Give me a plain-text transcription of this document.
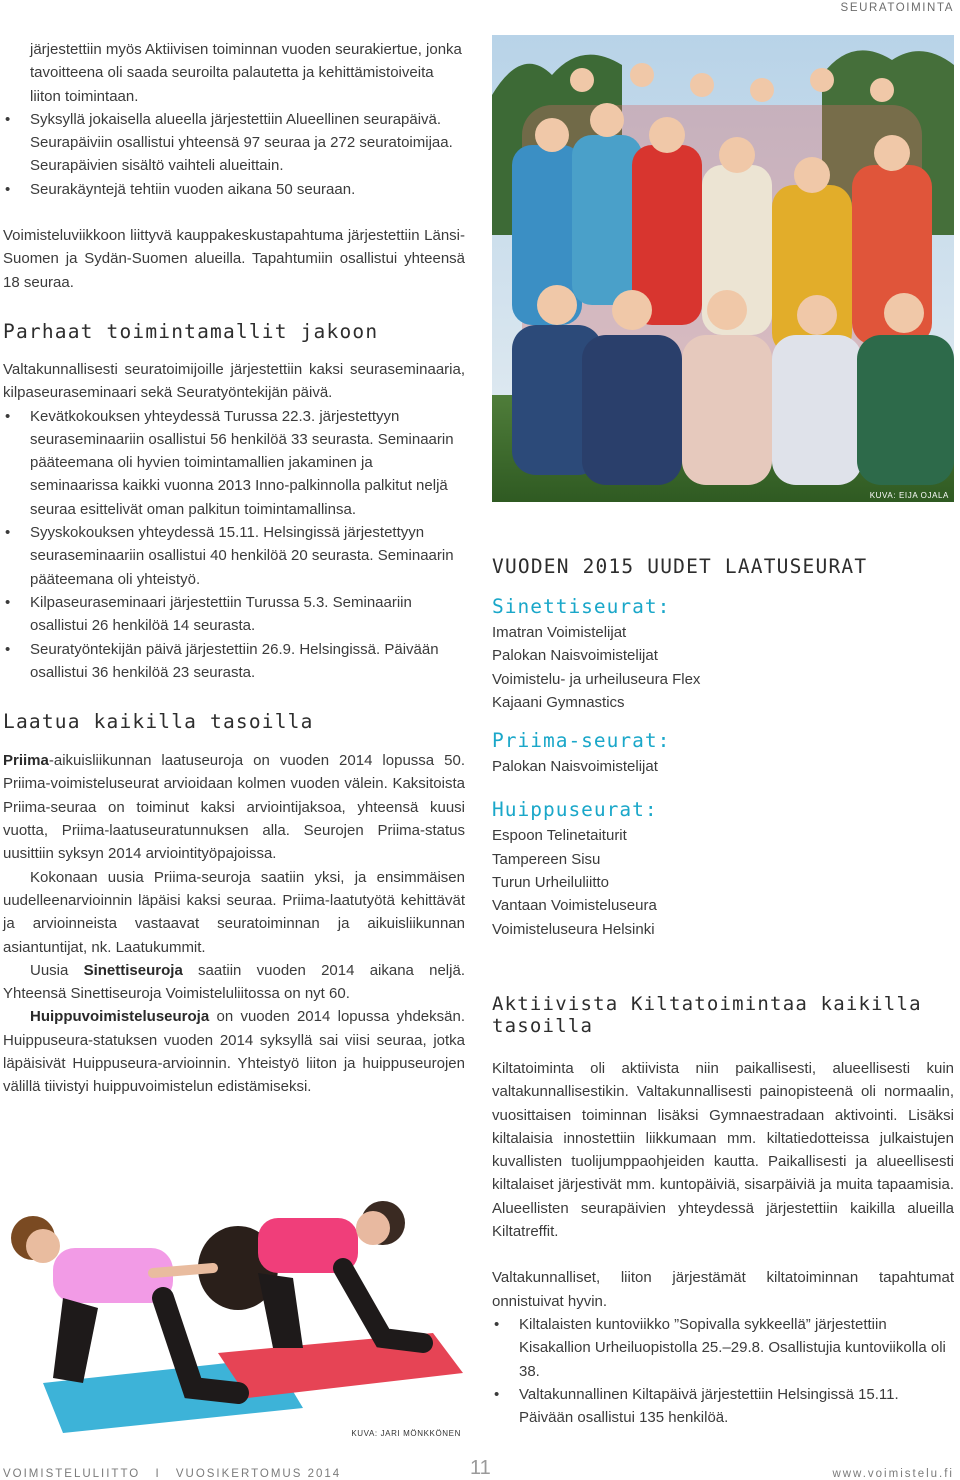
SEURATOIMINTA

järjestettiin myös Aktiivisen toiminnan vuoden seurakiertue, jonka tavoitteena oli saada seuroilta palautetta ja kehittämistoiveita liiton toimintaan.

• Syksyllä jokaisella alueella järjestettiin Alueellinen seurapäivä. Seurapäiviin osallistui yhteensä 97 seuraa ja 272 seuratoimijaa. Seurapäivien sisältö vaihteli alueittain.
• Seurakäyntejä tehtiin vuoden aikana 50 seuraan.

Voimisteluviikkoon liittyvä kauppakeskustapahtuma järjestettiin Länsi-Suomen ja Sydän-Suomen alueilla. Tapahtumiin osallistui yhteensä 18 seuraa.

Parhaat toimintamallit jakoon

Valtakunnallisesti seuratoimijoille järjestettiin kaksi seuraseminaaria, kilpaseuraseminaari sekä Seuratyöntekijän päivä.

• Kevätkokouksen yhteydessä Turussa 22.3. järjestettyyn seuraseminaariin osallistui 56 henkilöä 33 seurasta. Seminaarin pääteemana oli hyvien toimintamallien jakaminen ja seminaarissa kaikki vuonna 2013 Inno-palkinnolla palkitut neljä seuraa esittelivät oman palkitun toimintamallinsa.
• Syyskokouksen yhteydessä 15.11. Helsingissä järjestettyyn seuraseminaariin osallistui 40 henkilöä 20 seurasta. Seminaarin pääteemana oli yhteistyö.
• Kilpaseuraseminaari järjestettiin Turussa 5.3. Seminaariin osallistui 26 henkilöä 14 seurasta.
• Seuratyöntekijän päivä järjestettiin 26.9. Helsingissä. Päivään osallistui 36 henkilöä 23 seurasta.
Laatua kaikilla tasoilla

Priima-aikuisliikunnan laatuseuroja on vuoden 2014 lopussa 50. Priima-voimisteluseurat arvioidaan kolmen vuoden välein. Kaksitoista Priima-seuraa on toiminut kaksi arviointijaksoa, yhteensä kuusi vuotta, Priima-laatuseuratunnuksen alla. Seurojen Priima-status uusittiin syksyn 2014 arviointityöpajoissa.

Kokonaan uusia Priima-seuroja saatiin yksi, ja ensimmäisen uudelleenarvioinnin läpäisi kaksi seuraa. Priima-laatutyötä kehittävät ja arvioinneista vastaavat seuratoiminnan ja aikuisliikunnan asiantuntijat, nk. Laatukummit.

Uusia Sinettiseuroja saatiin vuoden 2014 aikana neljä. Yhteensä Sinettiseuroja Voimisteluliitossa on nyt 60.

Huippuvoimisteluseuroja on vuoden 2014 lopussa yhdeksän. Huippuseura-statuksen vuoden 2014 syksyllä sai viisi seuraa, jotka läpäisivät Huippuseura-arvioinnin. Yhteistyö liiton ja huippuseurojen välillä tiivistyi huippuvoimistelun edistämiseksi.

KUVA: EIJA OJALA
VUODEN 2015 UUDET LAATUSEURAT
Sinettiseurat:
Imatran Voimistelijat
Palokan Naisvoimistelijat
Voimistelu- ja urheiluseura Flex
Kajaani Gymnastics
Priima-seurat:
Palokan Naisvoimistelijat
Huippuseurat:
Espoon Telinetaiturit
Tampereen Sisu
Turun Urheiluliitto
Vantaan Voimisteluseura
Voimisteluseura Helsinki
Aktiivista Kiltatoimintaa kaikilla tasoilla

Kiltatoiminta oli aktiivista niin paikallisesti, alueellisesti kuin valtakunnallisestikin. Valtakunnallisesti painopisteenä oli normaalin, vuosittaisen toiminnan lisäksi Gymnaestradaan aktivointi. Lisäksi kiltalaisia innostettiin liikkumaan mm. kiltatiedotteissa julkaistujen kuvallisten tuolijumppaohjeiden kautta. Paikallisesti ja alueellisesti kiltalaiset järjestivät mm. kuntopäiviä, sisarpäiviä ja muita tapaamisia. Alueellisten seurapäivien yhteydessä järjestettiin kaikilla alueilla Kiltatreffit.

Valtakunnalliset, liiton järjestämät kiltatoiminnan tapahtumat onnistuivat hyvin.

• Kiltalaisten kuntoviikko ”Sopivalla sykkeellä” järjestettiin Kisakallion Urheiluopistolla 25.–29.8. Osallistujia kuntoviikolla oli 38.
• Valtakunnallinen Kiltapäivä järjestettiin Helsingissä 15.11. Päivään osallistui 135 henkilöä.
KUVA: JARI MÖNKKÖNEN
VOIMISTELULIITTO I VUOSIKERTOMUS 2014	11	www.voimistelu.fi
